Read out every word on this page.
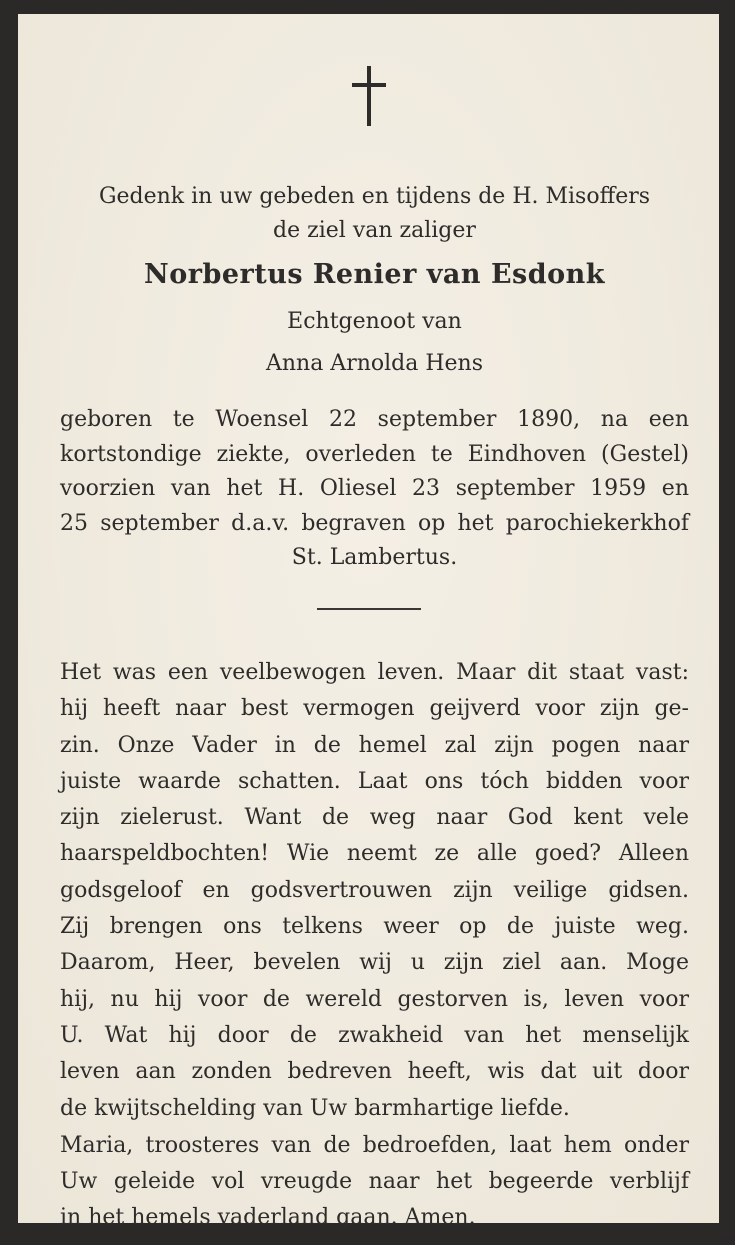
Gedenk in uw gebeden en tijdens de H. Misoffers

de ziel van zaliger

Norbertus Renier van Esdonk

Echtgenoot van

Anna Arnolda Hens

geboren te Woensel 22 september 1890, na een
kortstondige ziekte, overleden te Eindhoven (Gestel)
voorzien van het H. Oliesel 23 september 1959 en
25 september d.a.v. begraven op het parochiekerkhof
St. Lambertus.
Het was een veelbewogen leven. Maar dit staat vast:
hij heeft naar best vermogen geijverd voor zijn ge-
zin. Onze Vader in de hemel zal zijn pogen naar
juiste waarde schatten. Laat ons tóch bidden voor
zijn zielerust. Want de weg naar God kent vele
haarspeldbochten! Wie neemt ze alle goed? Alleen
godsgeloof en godsvertrouwen zijn veilige gidsen.
Zij brengen ons telkens weer op de juiste weg.
Daarom, Heer, bevelen wij u zijn ziel aan. Moge
hij, nu hij voor de wereld gestorven is, leven voor
U. Wat hij door de zwakheid van het menselijk
leven aan zonden bedreven heeft, wis dat uit door
de kwijtschelding van Uw barmhartige liefde.
Maria, troosteres van de bedroefden, laat hem onder
Uw geleide vol vreugde naar het begeerde verblijf
in het hemels vaderland gaan. Amen.
